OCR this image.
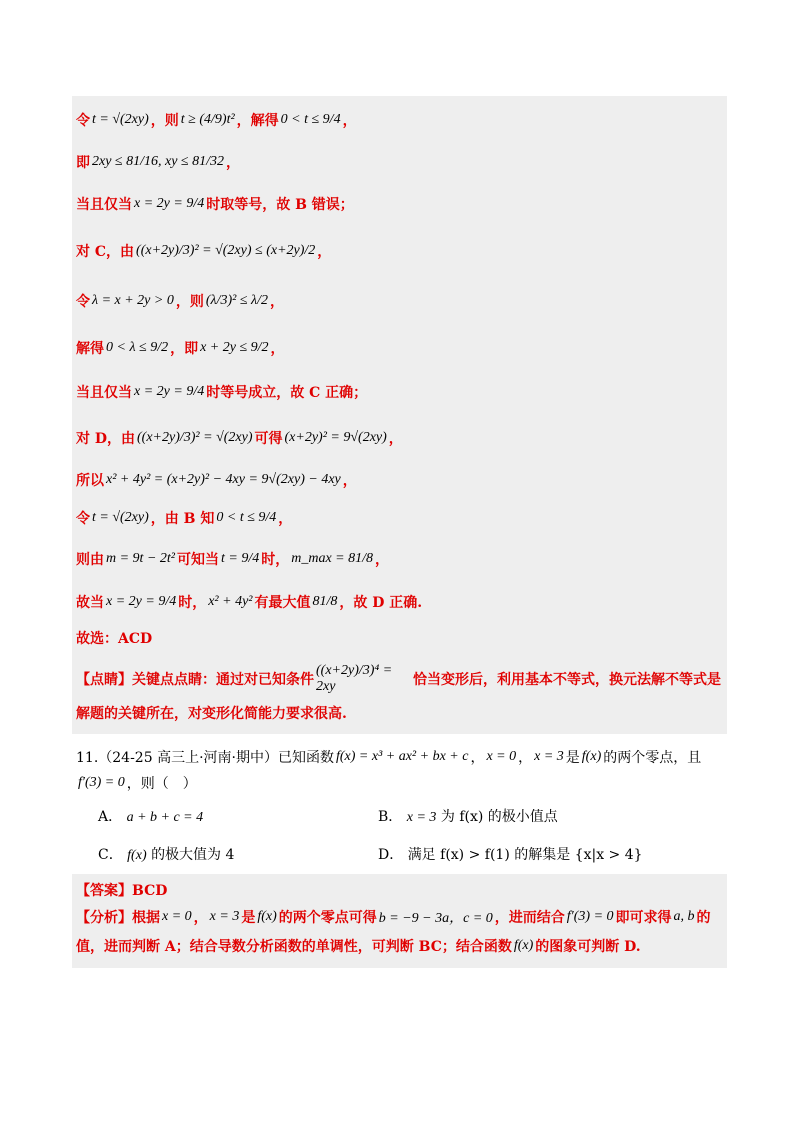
令 t = √(2xy) ，则 t ≥ (4/9)t² ，解得 0 < t ≤ 9/4 ，
即 2xy ≤ 81/16, xy ≤ 81/32 ，
当且仅当 x = 2y = 9/4 时取等号，故 B 错误；
对 C，由 ((x+2y)/3)² = √(2xy) ≤ (x+2y)/2 ，
令 λ = x + 2y > 0 ，则 (λ/3)² ≤ λ/2 ，
解得 0 < λ ≤ 9/2 ，即 x + 2y ≤ 9/2 ，
当且仅当 x = 2y = 9/4 时等号成立，故 C 正确；
对 D，由 ((x+2y)/3)² = √(2xy) 可得 (x+2y)² = 9√(2xy) ，
所以 x² + 4y² = (x+2y)² − 4xy = 9√(2xy) − 4xy ，
令 t = √(2xy) ，由 B 知 0 < t ≤ 9/4 ，
则由 m = 9t − 2t² 可知当 t = 9/4 时， m_max = 81/8 ，
故当 x = 2y = 9/4 时， x² + 4y² 有最大值 81/8 ，故 D 正确.
故选：ACD
【点睛】关键点点睛：通过对已知条件
((x+2y)/3)⁴ = 2xy	恰当变形后，利用基本不等式，换元法解不等式是
解题的关键所在，对变形化简能力要求很高.
11.（24-25 高三上·河南·期中）已知函数 f(x) = x³ + ax² + bx + c ， x = 0 ， x = 3 是 f(x) 的两个零点，且
f′(3) = 0 ，则（　）
A． a + b + c = 4	B． x = 3 为 f(x) 的极小值点
C． f(x) 的极大值为 4	D． 满足 f(x) > f(1) 的解集是 {x|x > 4}
【答案】BCD
【分析】根据 x = 0 ， x = 3 是 f(x) 的两个零点可得 b = −9 − 3a，c = 0 ，进而结合 f′(3) = 0 即可求得 a, b 的
值，进而判断 A；结合导数分析函数的单调性，可判断 BC；结合函数 f(x) 的图象可判断 D.
